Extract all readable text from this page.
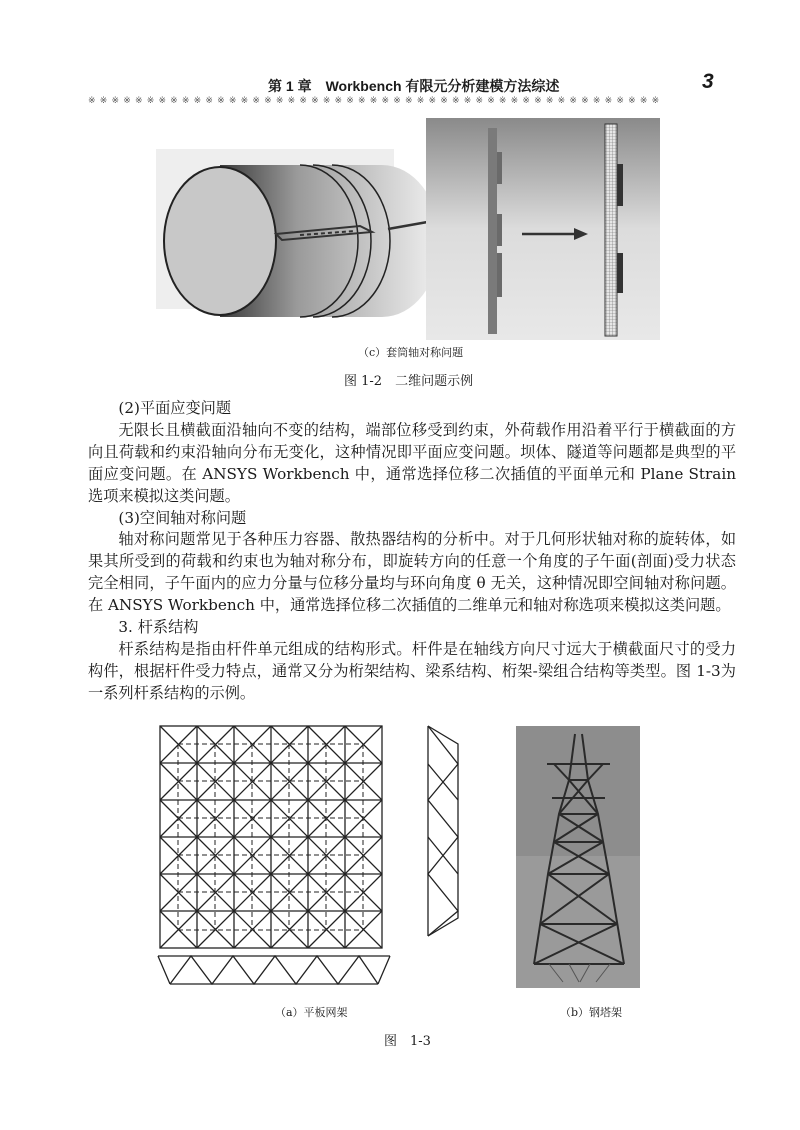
第 1 章　Workbench 有限元分析建模方法综述	3
※※※※※※※※※※※※※※※※※※※※※※※※※※※※※※※※※※※※※※※※※※※※※※※※※
（c）套筒轴对称问题
图 1-2　二维问题示例

(2)平面应变问题

无限长且横截面沿轴向不变的结构，端部位移受到约束，外荷载作用沿着平行于横截面的方向且荷载和约束沿轴向分布无变化，这种情况即平面应变问题。坝体、隧道等问题都是典型的平面应变问题。在 ANSYS Workbench 中，通常选择位移二次插值的平面单元和 Plane Strain 选项来模拟这类问题。

(3)空间轴对称问题

轴对称问题常见于各种压力容器、散热器结构的分析中。对于几何形状轴对称的旋转体，如果其所受到的荷载和约束也为轴对称分布，即旋转方向的任意一个角度的子午面(剖面)受力状态完全相同，子午面内的应力分量与位移分量均与环向角度 θ 无关，这种情况即空间轴对称问题。在 ANSYS Workbench 中，通常选择位移二次插值的二维单元和轴对称选项来模拟这类问题。

3. 杆系结构

杆系结构是指由杆件单元组成的结构形式。杆件是在轴线方向尺寸远大于横截面尺寸的受力构件，根据杆件受力特点，通常又分为桁架结构、梁系结构、桁架-梁组合结构等类型。图 1-3为一系列杆系结构的示例。

（a）平板网架	（b）钢塔架
图　1-3
